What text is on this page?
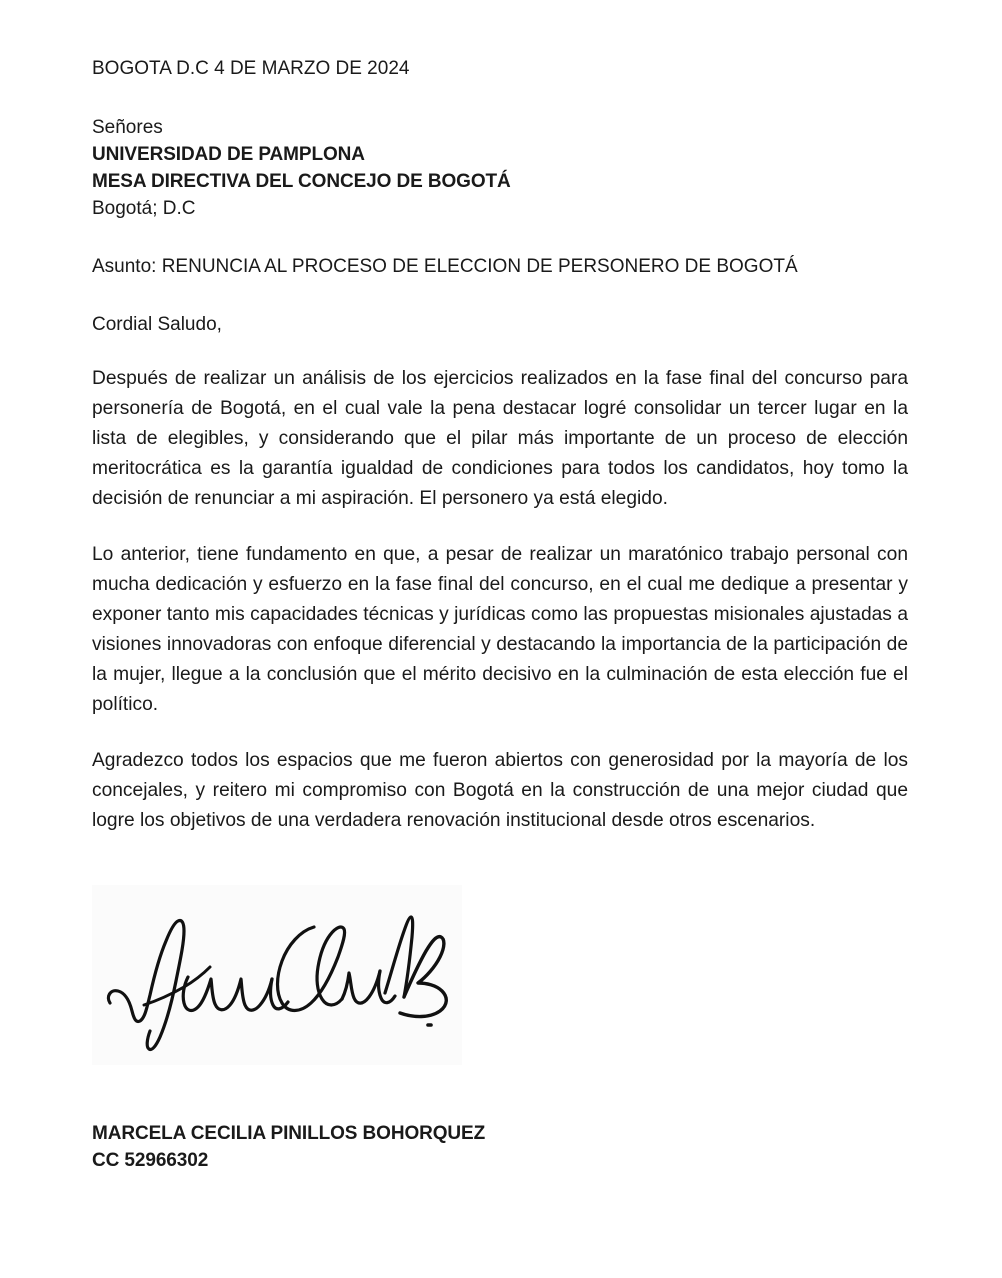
BOGOTA D.C 4 DE MARZO DE 2024
Señores
UNIVERSIDAD DE PAMPLONA
MESA DIRECTIVA DEL CONCEJO DE BOGOTÁ
Bogotá; D.C
Asunto: RENUNCIA AL PROCESO DE ELECCION DE PERSONERO DE BOGOTÁ
Cordial Saludo,
Después de realizar un análisis de los ejercicios realizados en la fase final del concurso para personería de Bogotá, en el cual vale la pena destacar logré consolidar un tercer lugar en la lista de elegibles, y considerando que el pilar más importante de un proceso de elección meritocrática es la garantía igualdad de condiciones para todos los candidatos, hoy tomo la decisión de renunciar a mi aspiración. El personero ya está elegido.
Lo anterior, tiene fundamento en que, a pesar de realizar un maratónico trabajo personal con mucha dedicación y esfuerzo en la fase final del concurso, en el cual me dedique a presentar y exponer tanto mis capacidades técnicas y jurídicas como las propuestas misionales ajustadas a visiones innovadoras con enfoque diferencial y destacando la importancia de la participación de la mujer, llegue a la conclusión que el mérito decisivo en la culminación de esta elección fue el político.
Agradezco todos los espacios que me fueron abiertos con generosidad por la mayoría de los concejales, y reitero mi compromiso con Bogotá en la construcción de una mejor ciudad que logre los objetivos de una verdadera renovación institucional desde otros escenarios.
MARCELA CECILIA PINILLOS BOHORQUEZ
CC 52966302
